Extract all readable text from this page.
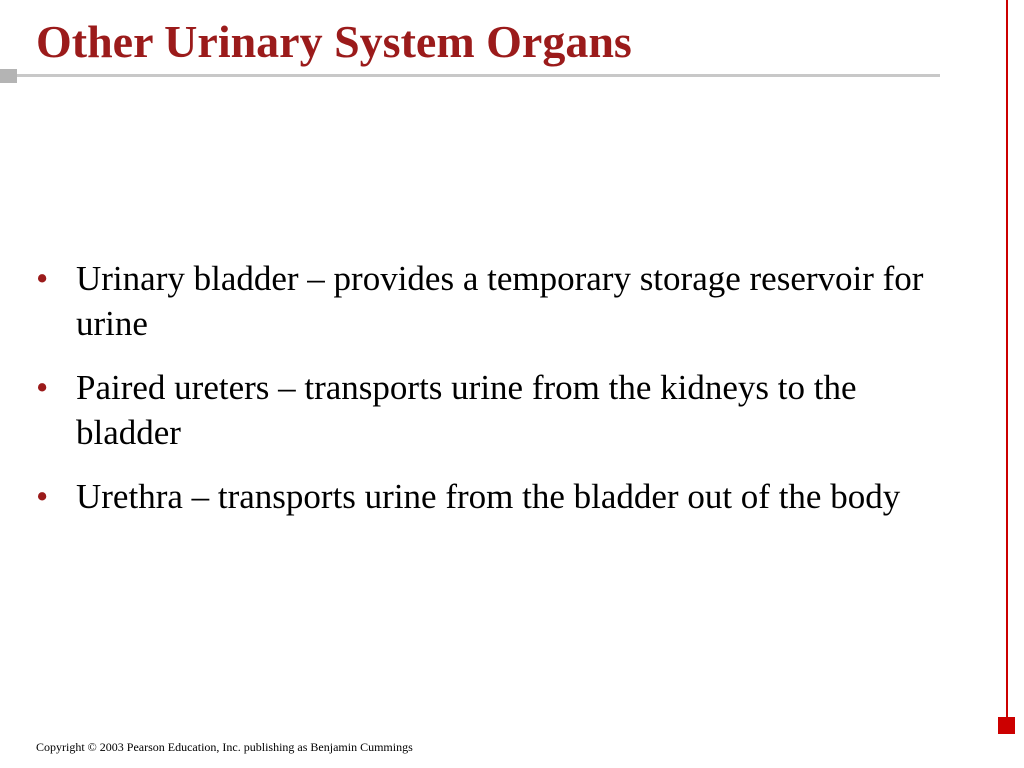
Other Urinary System Organs
• Urinary bladder – provides a temporary storage reservoir for urine
• Paired ureters – transports urine from the kidneys to the bladder
• Urethra – transports urine from the bladder out of the body
Copyright © 2003 Pearson Education, Inc. publishing as Benjamin Cummings
